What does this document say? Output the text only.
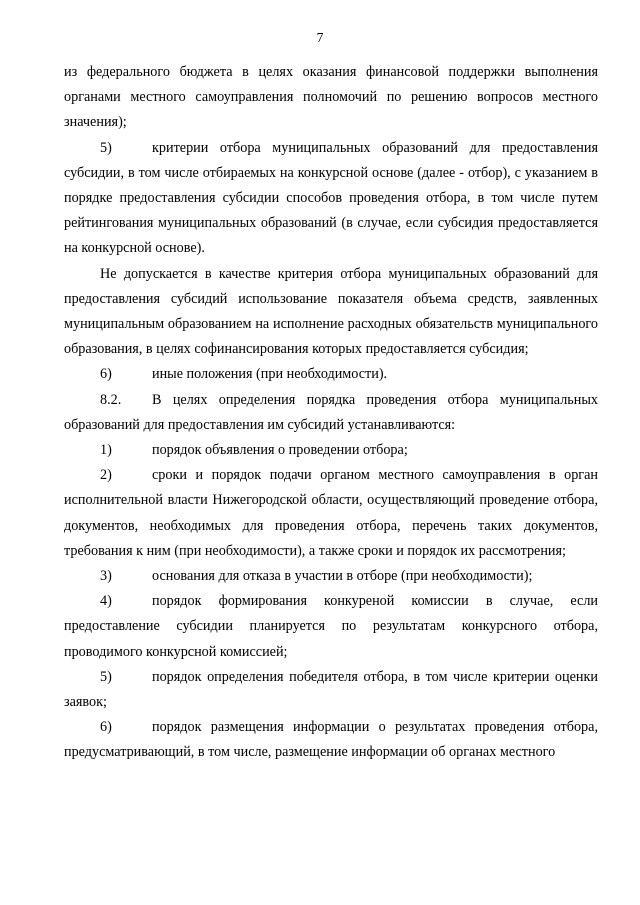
7

из федерального бюджета в целях оказания финансовой поддержки выполнения органами местного самоуправления полномочий по решению вопросов местного значения);

5)	критерии отбора муниципальных образований для предоставления субсидии, в том числе отбираемых на конкурсной основе (далее - отбор), с указанием в порядке предоставления субсидии способов проведения отбора, в том числе путем рейтингования муниципальных образований (в случае, если субсидия предоставляется на конкурсной основе).

Не допускается в качестве критерия отбора муниципальных образований для предоставления субсидий использование показателя объема средств, заявленных муниципальным образованием на исполнение расходных обязательств муниципального образования, в целях софинансирования которых предоставляется субсидия;

6)	иные положения (при необходимости).

8.2. В целях определения порядка проведения отбора муниципальных образований для предоставления им субсидий устанавливаются:

1)	порядок объявления о проведении отбора;

2)	сроки и порядок подачи органом местного самоуправления в орган исполнительной власти Нижегородской области, осуществляющий проведение отбора, документов, необходимых для проведения отбора, перечень таких документов, требования к ним (при необходимости), а также сроки и порядок их рассмотрения;

3)	основания для отказа в участии в отборе (при необходимости);

4)	порядок формирования конкуреной комиссии в случае, если предоставление субсидии планируется по результатам конкурсного отбора, проводимого конкурсной комиссией;

5)	порядок определения победителя отбора, в том числе критерии оценки заявок;

6)	порядок размещения информации о результатах проведения отбора, предусматривающий, в том числе, размещение информации об органах местного
